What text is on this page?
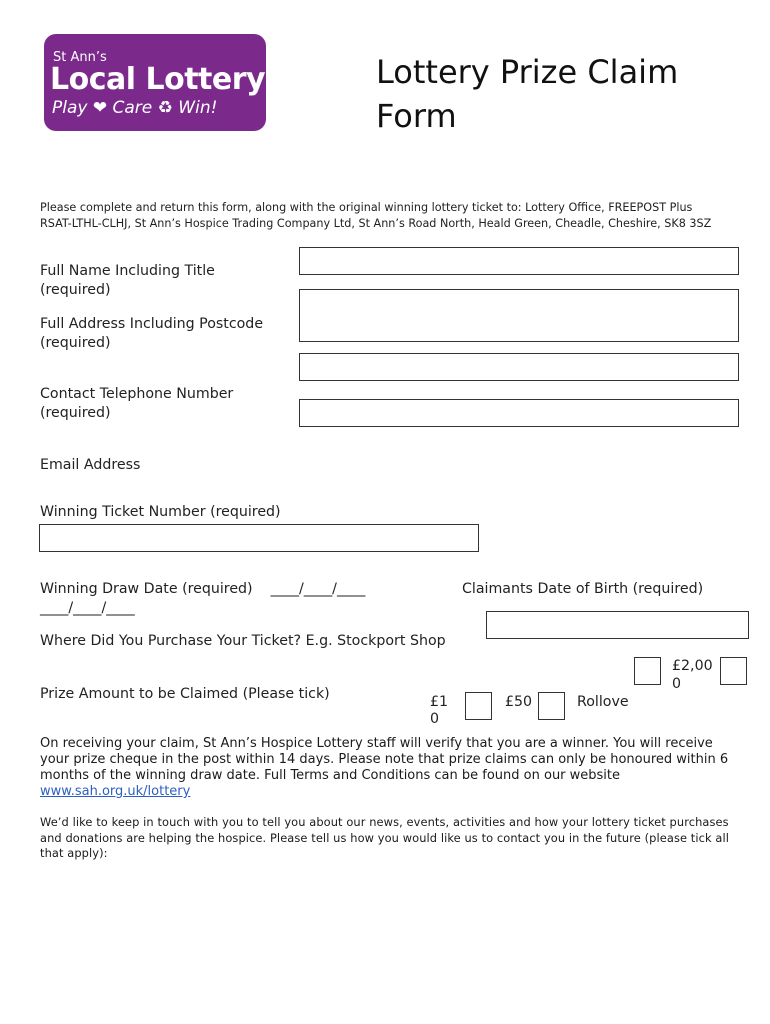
St Ann’s
Local Lottery
Play ❤ Care ♻ Win!
Lottery Prize Claim Form
Please complete and return this form, along with the original winning lottery ticket to: Lottery Office, FREEPOST Plus RSAT-LTHL-CLHJ, St Ann’s Hospice Trading Company Ltd, St Ann’s Road North, Heald Green, Cheadle, Cheshire, SK8 3SZ
Full Name Including Title (required)
Full Address Including Postcode (required)
Contact Telephone Number (required)
Email Address
Winning Ticket Number (required)
Winning Draw Date (required)    ____/____/____
____/____/____
Claimants Date of Birth (required)
Where Did You Purchase Your Ticket? E.g. Stockport Shop
Prize Amount to be Claimed (Please tick)	£1
0
£50	Rollove
£2,00
0
On receiving your claim, St Ann’s Hospice Lottery staff will verify that you are a winner. You will receive your prize cheque in the post within 14 days. Please note that prize claims can only be honoured within 6 months of the winning draw date. Full Terms and Conditions can be found on our website www.sah.org.uk/lottery
We’d like to keep in touch with you to tell you about our news, events, activities and how your lottery ticket purchases and donations are helping the hospice. Please tell us how you would like us to contact you in the future (please tick all that apply):
